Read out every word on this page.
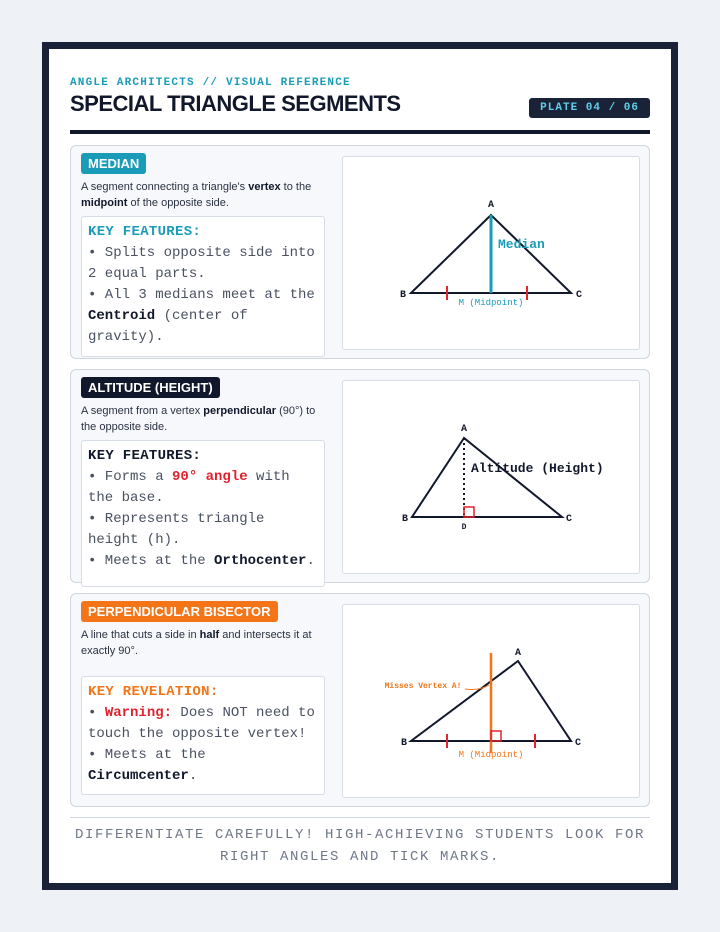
ANGLE ARCHITECTS // VISUAL REFERENCE
SPECIAL TRIANGLE SEGMENTS	PLATE 04 / 06
MEDIAN
A segment connecting a triangle's vertex to the midpoint of the opposite side.
KEY FEATURES:
• Splits opposite side into 2 equal parts.
• All 3 medians meet at the Centroid (center of gravity).
A
B	C
Median
M (Midpoint)
ALTITUDE (HEIGHT)
A segment from a vertex perpendicular (90°) to the opposite side.
KEY FEATURES:
• Forms a 90° angle with the base.
• Represents triangle height (h).
• Meets at the Orthocenter.
A
B	C
D
Altitude (Height)
PERPENDICULAR BISECTOR
A line that cuts a side in half and intersects it at exactly 90°.
KEY REVELATION:
• Warning: Does NOT need to touch the opposite vertex!
• Meets at the Circumcenter.
A
B	C
Misses Vertex A!
M (Midpoint)
DIFFERENTIATE CAREFULLY! HIGH-ACHIEVING STUDENTS LOOK FOR
RIGHT ANGLES AND TICK MARKS.
